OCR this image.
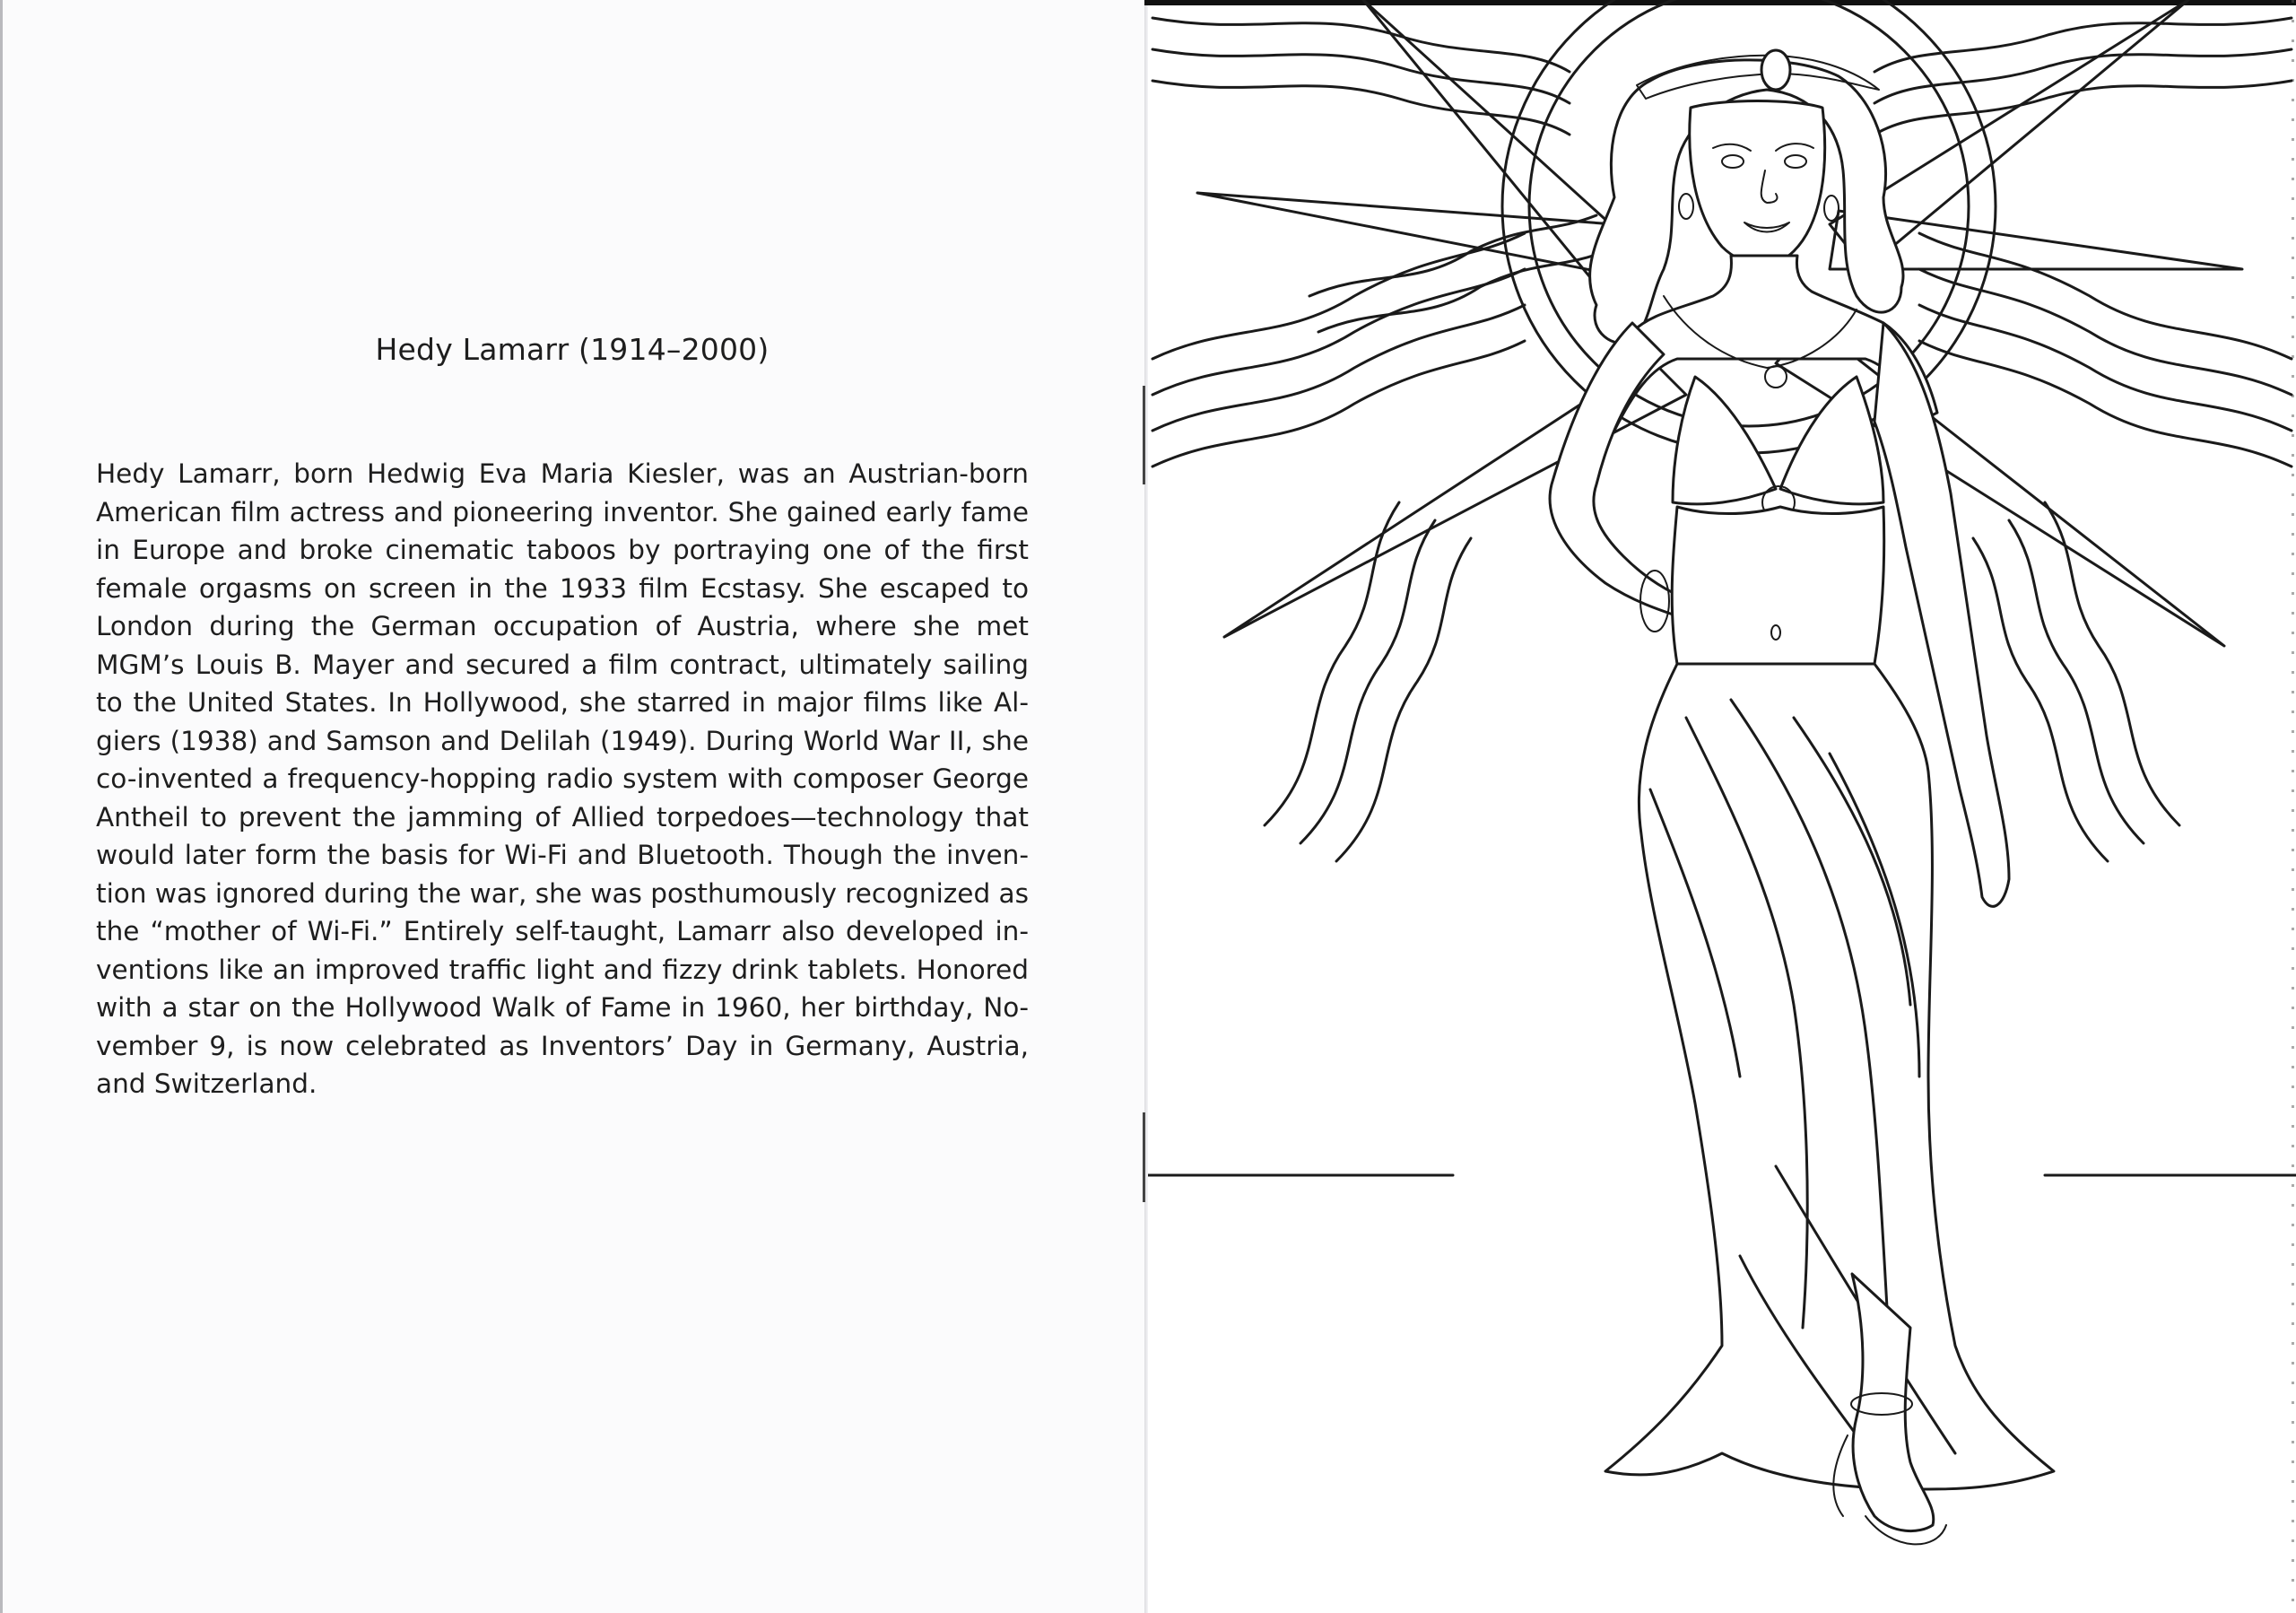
Hedy Lamarr (1914–2000)

Hedy Lamarr, born Hedwig Eva Maria Kiesler, was an Austrian-born American film actress and pioneering inventor. She gained early fame in Europe and broke cinematic taboos by portraying one of the first female orgasms on screen in the 1933 film Ecstasy. She escaped to London during the German occupation of Austria, where she met MGM’s Louis B. Mayer and secured a film contract, ultimately sailing to the United States. In Hollywood, she starred in major films like Algiers (1938) and Samson and Delilah (1949). During World War II, she co-invented a frequency-hopping radio system with composer George Antheil to prevent the jamming of Allied torpedoes—technology that would later form the basis for Wi-Fi and Bluetooth. Though the invention was ignored during the war, she was posthumously recognized as the “mother of Wi-Fi.” Entirely self-taught, Lamarr also developed inventions like an improved traffic light and fizzy drink tablets. Honored with a star on the Hollywood Walk of Fame in 1960, her birthday, November 9, is now celebrated as Inventors’ Day in Germany, Austria, and Switzerland.
